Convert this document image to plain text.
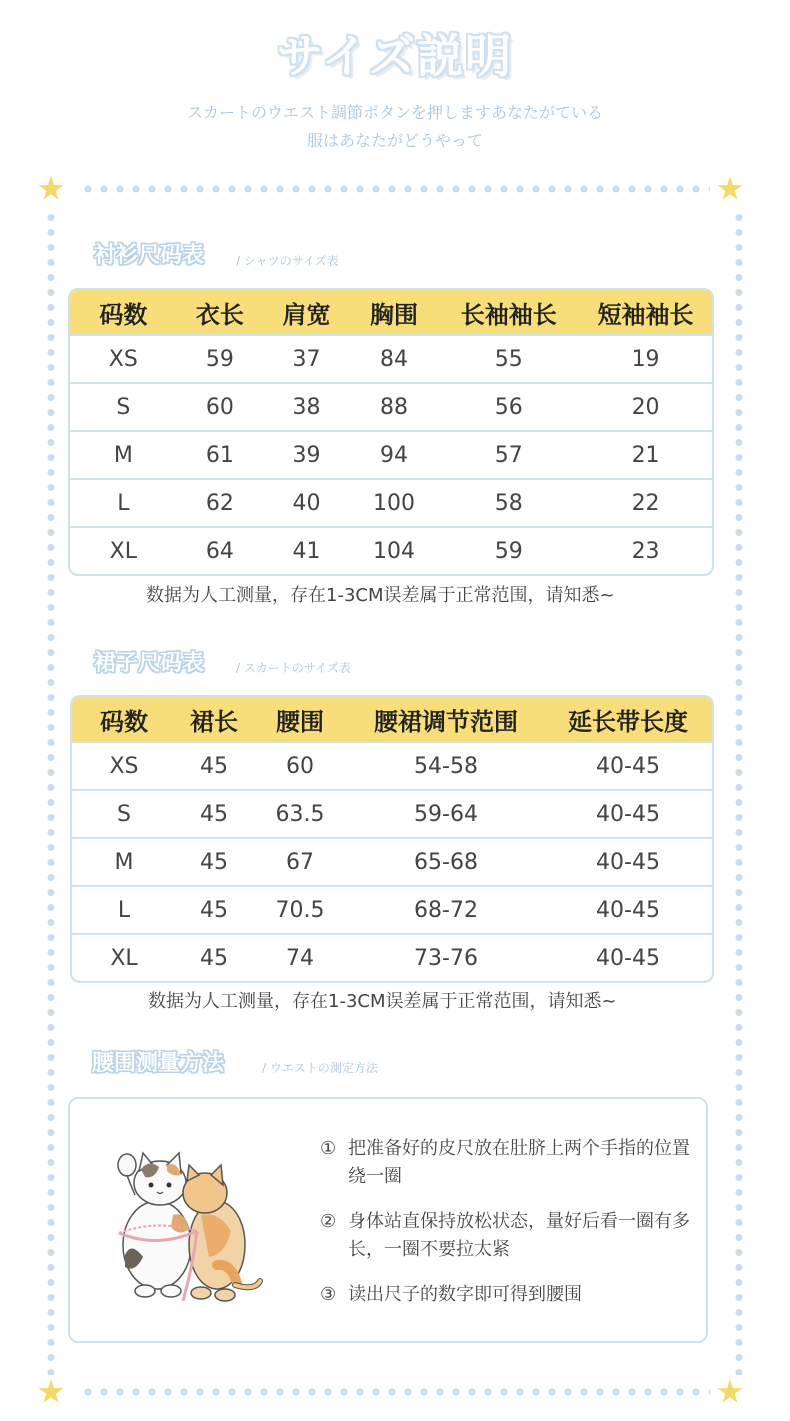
サイズ説明
スカートのウエスト調節ボタンを押しますあなたがている
服はあなたがどうやって
衬衫尺码表	/ シャツのサイズ表
码数	衣长	肩宽	胸围	长袖袖长	短袖袖长
XS	59	37	84	55	19
S	60	38	88	56	20
M	61	39	94	57	21
L	62	40	100	58	22
XL	64	41	104	59	23
数据为人工测量，存在1-3CM误差属于正常范围，请知悉~
裙子尺码表	/ スカートのサイズ表
码数	裙长	腰围	腰裙调节范围	延长带长度
XS	45	60	54-58	40-45
S	45	63.5	59-64	40-45
M	45	67	65-68	40-45
L	45	70.5	68-72	40-45
XL	45	74	73-76	40-45
数据为人工测量，存在1-3CM误差属于正常范围，请知悉~
腰围测量方法	/ ウエストの測定方法
① 把准备好的皮尺放在肚脐上两个手指的位置绕一圈
② 身体站直保持放松状态，量好后看一圈有多长，一圈不要拉太紧
③ 读出尺子的数字即可得到腰围
